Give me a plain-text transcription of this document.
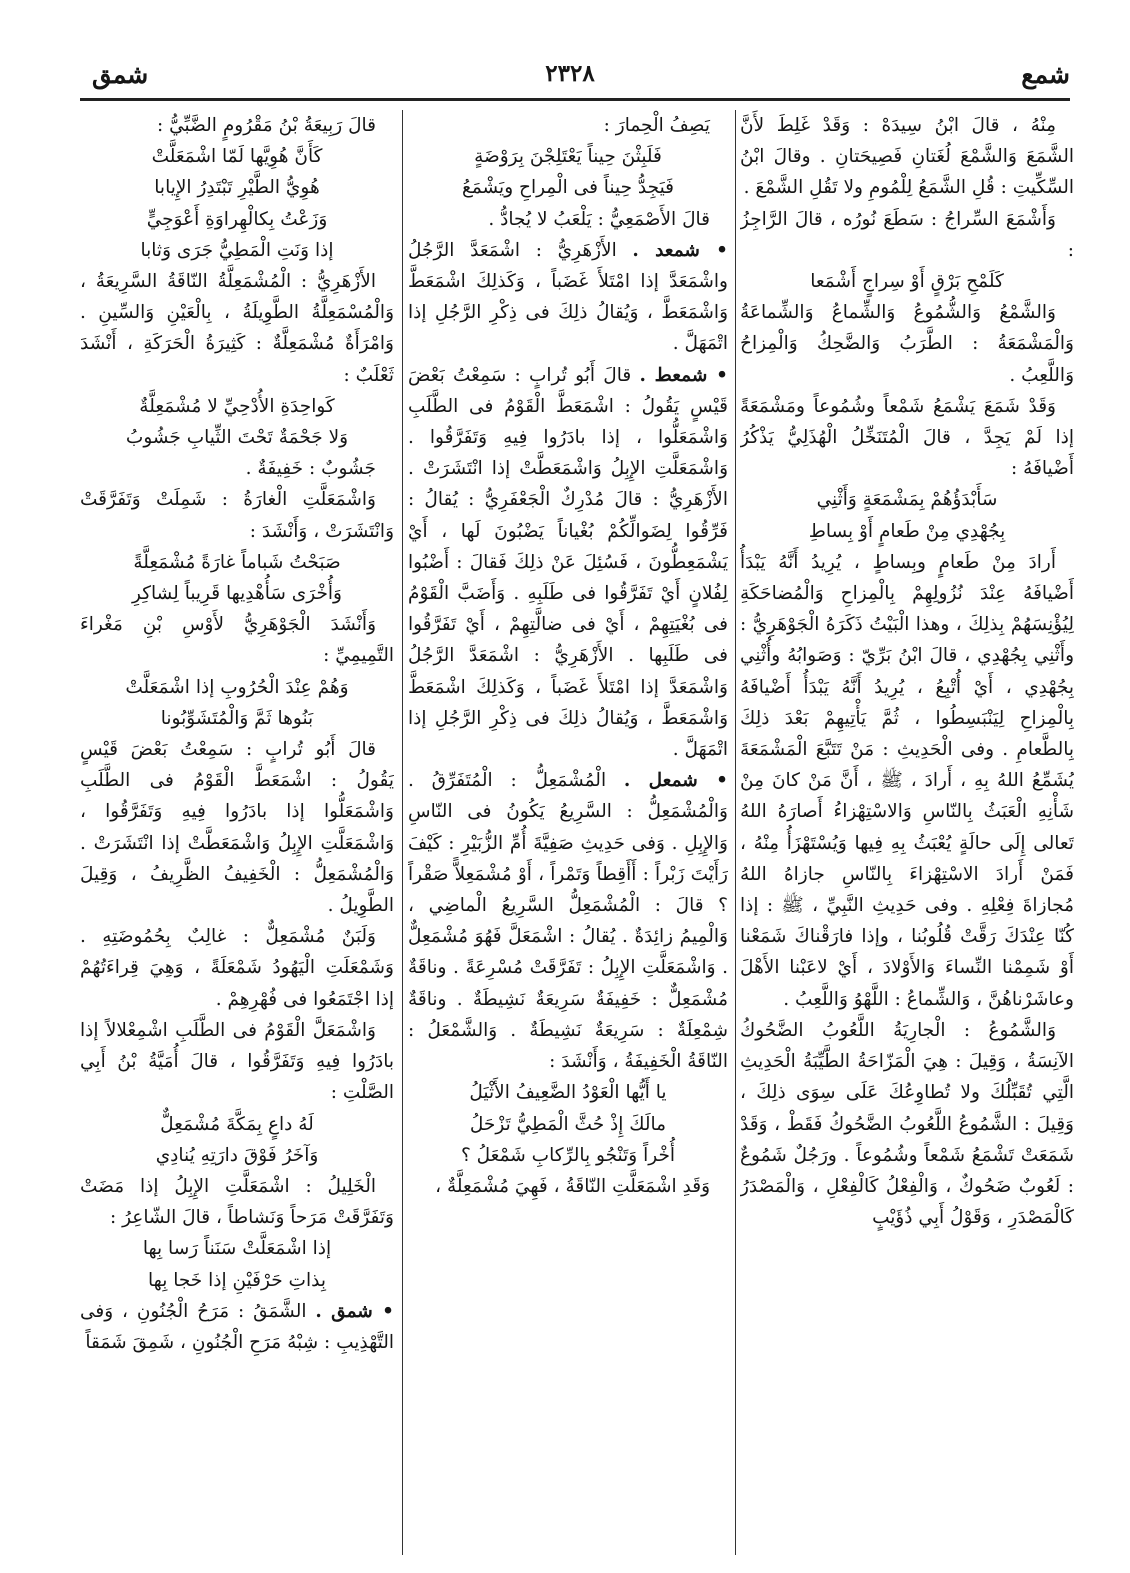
شمع
٢٣٢٨
شمق

مِنْهُ ، قالَ ابْنُ سِيدَهْ : وَقَدْ غَلِطَ لأَنَّ الشَّمَعَ وَالشَّمْعَ لُغَتانِ فَصِيحَتانِ . وقالَ ابْنُ السِّكِّيتِ : قُلِ الشَّمَعُ لِلْمُومِ ولا تَقُلِ الشَّمْعَ .

وَأَشْمَعَ السِّراجُ : سَطَعَ نُورُه ، قالَ الرَّاجِزُ :

كَلَمْحِ بَرْقٍ أَوْ سِراجٍ أَشْمَعا

وَالشَّمْعُ وَالشُّمُوعُ وَالشِّماعُ وَالشِّماعَةُ وَالْمَشْمَعَةُ : الطَّرَبُ وَالضَّحِكُ وَالْمِزاحُ وَاللَّعِبُ .

وَقَدْ شَمَعَ يَشْمَعُ شَمْعاً وشُمُوعاً ومَشْمَعَةً إذا لَمْ يَجِدَّ ، قالَ الْمُتَنَخِّلُ الْهُذَلِيُّ يَذْكُرُ أَضْيافَهُ :

سَأَبْدَؤُهُمْ بِمَشْمَعَةٍ وَأَثْنِي

بِجُهْدِي مِنْ طَعامٍ أَوْ بِساطِ

أَرادَ مِنْ طَعامٍ وبِساطٍ ، يُرِيدُ أَنَّهُ يَبْدَأُ أَضْيافَهُ عِنْدَ نُزُولِهِمْ بِالْمِزاحِ وَالْمُضاحَكَةِ لِيُؤْنِسَهُمْ بِذلِكَ ، وهذا الْبَيْتُ ذَكَرَهُ الْجَوْهَرِيُّ : وأَثْنِي بِجُهْدِي ، قالَ ابْنُ بَرِّيّ : وَصَوابُهُ وأُثْنِي بِجُهْدِي ، أَيْ أُتْبِعُ ، يُرِيدُ أَنَّهُ يَبْدَأُ أَضْيافَهُ بِالْمِزاحِ لِيَنْبَسِطُوا ، ثُمَّ يَأْتِيهِمْ بَعْدَ ذلِكَ بِالطَّعامِ . وفى الْحَدِيثِ : مَنْ تَتَبَّعَ الْمَشْمَعَةَ يُشَمِّعُ اللهُ بِهِ ، أَرادَ ، ﷺ ، أَنَّ مَنْ كانَ مِنْ شَأْنِهِ الْعَبَثُ بِالنّاسِ وَالاسْتِهْزاءُ أَصارَهُ اللهُ تَعالى إِلَى حالَةٍ يُعْبَثُ بِهِ فِيها وَيُسْتَهْزَأُ مِنْهُ ، فَمَنْ أَرادَ الاسْتِهْزاءَ بِالنّاسِ جازاهُ اللهُ مُجازاةَ فِعْلِهِ . وفى حَدِيثِ النَّبِيِّ ، ﷺ : إذا كُنّا عِنْدَكَ رَقَّتْ قُلُوبُنا ، وإذا فارَقْناكَ شَمَعْنا أَوْ شَمِمْنا النِّساءَ وَالأَوْلادَ ، أَيْ لاعَبْنا الأَهْلَ وعاشَرْناهُنَّ ، وَالشِّماعُ : اللَّهْوُ وَاللَّعِبُ .

وَالشَّمُوعُ : الْجارِيَةُ اللَّعُوبُ الضَّحُوكُ الآنِسَةُ ، وَقِيلَ : هِيَ الْمَزّاحَةُ الطَّيِّبَةُ الْحَدِيثِ الَّتِي تُقَبِّلُكَ ولا تُطاوِعُكَ عَلَى سِوَى ذلِكَ ، وَقِيلَ : الشَّمُوعُ اللَّعُوبُ الضَّحُوكُ فَقَطْ ، وَقَدْ شَمَعَتْ تَشْمَعُ شَمْعاً وشُمُوعاً . ورَجُلٌ شَمُوعٌ : لَعُوبٌ ضَحُوكٌ ، وَالْفِعْلُ كَالْفِعْلِ ، وَالْمَصْدَرُ كَالْمَصْدَرِ ، وَقَوْلُ أَبِي ذُؤَيْبٍ

يَصِفُ الْحِمارَ :

فَلَبِثْنَ حِيناً يَعْتَلِجْنَ بِرَوْضَةٍ

فَيَجِدُّ حِيناً فى الْمِراحِ ويَشْمَعُ

قالَ الأَصْمَعِيُّ : يَلْعَبُ لا يُجادُّ .

• شمعد . الأَزْهَرِيُّ : اشْمَعَدَّ الرَّجُلُ واشْمَعَدَّ إذا امْتَلأَ غَضَباً ، وَكَذلِكَ اشْمَعَطَّ وَاشْمَعَطَّ ، وَيُقالُ ذلِكَ فى ذِكْرِ الرَّجُلِ إذا اتْمَهَلَّ .

• شمعط . قالَ أَبُو تُرابٍ : سَمِعْتُ بَعْضَ قَيْسٍ يَقُولُ : اشْمَعَطَّ الْقَوْمُ فى الطَّلَبِ وَاشْمَعَلُّوا ، إذا بادَرُوا فِيهِ وَتَفَرَّقُوا . وَاشْمَعَلَّتِ الإِبِلُ وَاشْمَعَطَّتْ إذا انْتَشَرَتْ . الأَزْهَرِيُّ : قالَ مُدْرِكٌ الْجَعْفَرِيُّ : يُقالُ : فَرِّقُوا لِضَوالِّكُمْ بُغْياناً يَضْبُونَ لَها ، أَيْ يَشْمَعِطُّونَ ، فَسُئِلَ عَنْ ذلِكَ فَقالَ : أَضْبُوا لِفُلانٍ أَيْ تَفَرَّقُوا فى طَلَبِهِ . وَأَضَبَّ الْقَوْمُ فى بُغْيَتِهِمْ ، أَيْ فى ضالَّتِهِمْ ، أَيْ تَفَرَّقُوا فى طَلَبِها . الأَزْهَرِيُّ : اشْمَعَدَّ الرَّجُلُ وَاشْمَعَدَّ إذا امْتَلأَ غَضَباً ، وَكَذلِكَ اشْمَعَطَّ وَاشْمَعَطَّ ، وَيُقالُ ذلِكَ فى ذِكْرِ الرَّجُلِ إذا اتْمَهَلَّ .

• شمعل . الْمُشْمَعِلُّ : الْمُتَفَرِّقُ . وَالْمُشْمَعِلُّ : السَّرِيعُ يَكُونُ فى النّاسِ وَالإِبِلِ . وَفى حَدِيثِ صَفِيَّةَ أُمِّ الزُّبَيْرِ : كَيْفَ رَأَيْتَ زَبْراً : أَأَقِطاً وَتَمْراً ، أَوْ مُشْمَعِلاًّ صَقْراً ؟ قالَ : الْمُشْمَعِلُّ السَّرِيعُ الْماضِي ، وَالْمِيمُ زائِدَةٌ . يُقالُ : اشْمَعَلَّ فَهُوَ مُشْمَعِلٌّ . وَاشْمَعَلَّتِ الإِبِلُ : تَفَرَّقَتْ مُسْرِعَةً . وناقَةٌ مُشْمَعِلٌّ : خَفِيفَةٌ سَرِيعَةٌ نَشِيطَةٌ . وناقَةٌ شِمْعِلَةٌ : سَرِيعَةٌ نَشِيطَةٌ . وَالشَّمْعَلُ : النّاقَةُ الْخَفِيفَةُ ، وَأَنْشَدَ :

يا أَيُّها الْعَوْدُ الضَّعِيفُ الأَثْيَلُ

مالَكَ إِذْ حُثَّ الْمَطِيُّ تَزْحَلُ

أُخْراً وَتَنْجُو بِالرِّكابِ شَمْعَلُ ؟

وَقَدِ اشْمَعَلَّتِ النّاقَةُ ، فَهِيَ مُشْمَعِلَّةٌ ،

قالَ رَبِيعَةُ بْنُ مَقْرُومٍ الضَّبِّيُّ :

كَأَنَّ هُوِيَّها لَمّا اشْمَعَلَّتْ

هُوِيُّ الطَّيْرِ تَبْتَدِرُ الإِيابا

وَزَعْتُ بِكالْهِراوَةِ أَعْوَجِيٍّ

إذا وَنَتِ الْمَطِيُّ جَرَى وَثابا

الأَزْهَرِيُّ : الْمُشْمَعِلَّةُ النّاقَةُ السَّرِيعَةُ ، وَالْمُسْمَعِلَّةُ الطَّوِيلَةُ ، بِالْعَيْنِ وَالسِّينِ . وَامْرَأَةٌ مُشْمَعِلَّةٌ : كَثِيرَةُ الْحَرَكَةِ ، أَنْشَدَ ثَعْلَبٌ :

كَواحِدَةِ الأُدْحِيِّ لا مُشْمَعِلَّةٌ

وَلا جَحْمَةٌ تَحْتَ الثِّيابِ جَشُوبُ

جَشُوبٌ : خَفِيفَةٌ .

وَاشْمَعَلَّتِ الْغارَةُ : شَمِلَتْ وَتَفَرَّقَتْ وَانْتَشَرَتْ ، وَأَنْشَدَ :

صَبَحْتُ شَباماً غارَةً مُشْمَعِلَّةً

وَأُخْرَى سَأُهْدِيها قَرِيباً لِشاكِرِ

وَأَنْشَدَ الْجَوْهَرِيُّ لأَوْسِ بْنِ مَغْراءَ التَّمِيمِيِّ :

وَهُمْ عِنْدَ الْحُرُوبِ إذا اشْمَعَلَّتْ

بَنُوها ثَمَّ وَالْمُتَشَوِّبُونا

قالَ أَبُو تُرابٍ : سَمِعْتُ بَعْضَ قَيْسٍ يَقُولُ : اشْمَعَطَّ الْقَوْمُ فى الطَّلَبِ وَاشْمَعَلُّوا إذا بادَرُوا فِيهِ وَتَفَرَّقُوا ، وَاشْمَعَلَّتِ الإِبِلُ وَاشْمَعَطَّتْ إذا انْتَشَرَتْ . وَالْمُشْمَعِلُّ : الْخَفِيفُ الظَّرِيفُ ، وَقِيلَ الطَّوِيلُ .

وَلَبَنٌ مُشْمَعِلٌّ : غالِبٌ بِحُمُوضَتِهِ . وَشَمْعَلَتِ الْيَهُودُ شَمْعَلَةً ، وَهِيَ قِراءَتُهُمْ إذا اجْتَمَعُوا فى فُهْرِهِمْ .

وَاشْمَعَلَّ الْقَوْمُ فى الطَّلَبِ اشْمِعْلالاً إذا بادَرُوا فِيهِ وَتَفَرَّقُوا ، قالَ أُمَيَّةُ بْنُ أَبِي الصَّلْتِ :

لَهُ داعٍ بِمَكَّةَ مُشْمَعِلٌّ

وَآخَرُ فَوْقَ دارَتِهِ يُنادِي

الْخَلِيلُ : اشْمَعَلَّتِ الإِبِلُ إذا مَضَتْ وَتَفَرَّقَتْ مَرَحاً وَنَشاطاً ، قالَ الشّاعِرُ :

إذا اشْمَعَلَّتْ سَنَناً رَسا بِها

بِذاتِ حَرْفَيْنِ إذا خَجا بِها

• شمق . الشَّمَقُ : مَرَحُ الْجُنُونِ ، وَفى التَّهْذِيبِ : شِبْهُ مَرَحِ الْجُنُونِ ، شَمِقَ شَمَقاً
